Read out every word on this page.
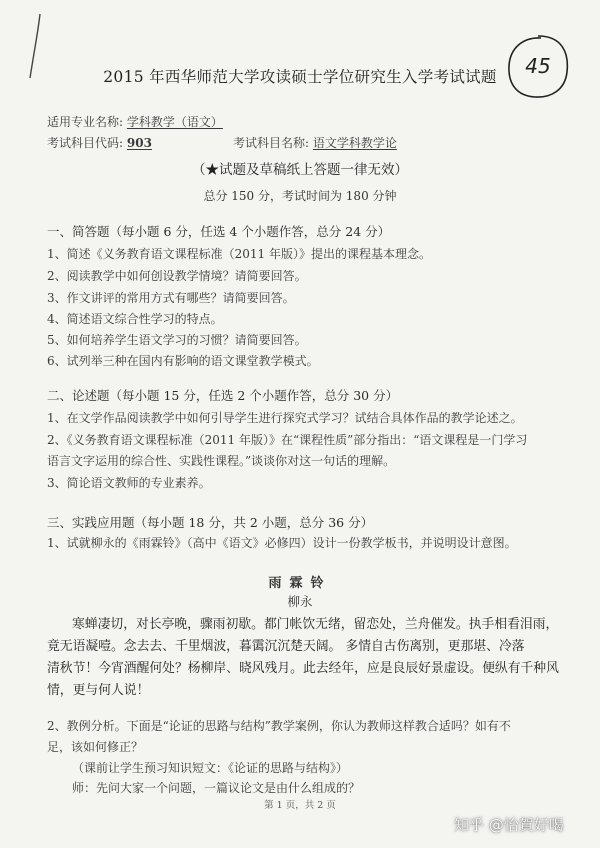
45
2015 年西华师范大学攻读硕士学位研究生入学考试试题
适用专业名称: 学科教学（语文）
考试科目代码: 903	考试科目名称: 语文学科教学论
（★试题及草稿纸上答题一律无效）
总分 150 分，考试时间为 180 分钟
一、简答题（每小题 6 分，任选 4 个小题作答，总分 24 分）
1、简述《义务教育语文课程标准（2011 年版）》提出的课程基本理念。
2、阅读教学中如何创设教学情境？请简要回答。
3、作文讲评的常用方式有哪些？请简要回答。
4、简述语文综合性学习的特点。
5、如何培养学生语文学习的习惯？请简要回答。
6、试列举三种在国内有影响的语文课堂教学模式。
二、论述题（每小题 15 分，任选 2 个小题作答，总分 30 分）
1、在文学作品阅读教学中如何引导学生进行探究式学习？试结合具体作品的教学论述之。
2、《义务教育语文课程标准（2011 年版）》在“课程性质”部分指出：“语文课程是一门学习
语言文字运用的综合性、实践性课程。”谈谈你对这一句话的理解。
3、简论语文教师的专业素养。
三、实践应用题（每小题 18 分，共 2 小题，总分 36 分）
1、试就柳永的《雨霖铃》（高中《语文》必修四）设计一份教学板书，并说明设计意图。
雨霖铃
柳永
寒蝉凄切，对长亭晚，骤雨初歇。都门帐饮无绪，留恋处，兰舟催发。执手相看泪雨，
竟无语凝噎。念去去、千里烟波，暮霭沉沉楚天阔。 多情自古伤离别，更那堪、冷落
清秋节！今宵酒醒何处？杨柳岸、晓风残月。此去经年，应是良辰好景虚设。便纵有千种风
情，更与何人说！
2、教例分析。下面是“论证的思路与结构”教学案例，你认为教师这样教合适吗？如有不
足，该如何修正？
（课前让学生预习知识短文：《论证的思路与结构》）
师：先问大家一个问题，一篇议论文是由什么组成的？
第 1 页，共 2 页
知乎 @怡賀好喝
